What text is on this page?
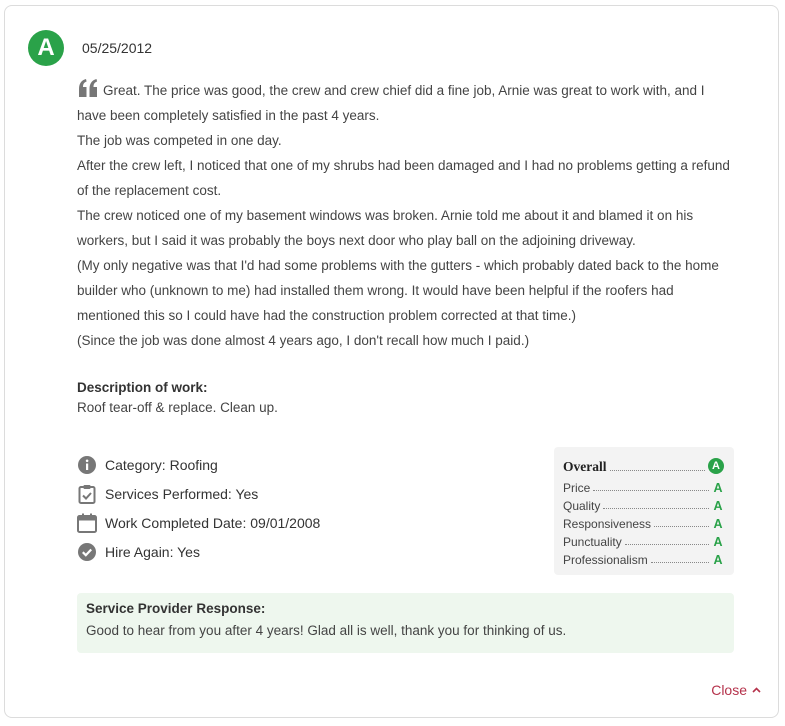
A	05/25/2012

Great. The price was good, the crew and crew chief did a fine job, Arnie was great to work with, and I have been completely satisfied in the past 4 years.

The job was competed in one day.

After the crew left, I noticed that one of my shrubs had been damaged and I had no problems getting a refund of the replacement cost.

The crew noticed one of my basement windows was broken. Arnie told me about it and blamed it on his workers, but I said it was probably the boys next door who play ball on the adjoining driveway.

(My only negative was that I'd had some problems with the gutters - which probably dated back to the home builder who (unknown to me) had installed them wrong. It would have been helpful if the roofers had mentioned this so I could have had the construction problem corrected at that time.)

(Since the job was done almost 4 years ago, I don't recall how much I paid.)

Description of work:
Roof tear-off & replace. Clean up.
Category: Roofing
Services Performed: Yes
Work Completed Date: 09/01/2008
Hire Again: Yes
Overall	A
Price	A
Quality	A
Responsiveness	A
Punctuality	A
Professionalism	A
Service Provider Response:
Good to hear from you after 4 years! Glad all is well, thank you for thinking of us.
Close
